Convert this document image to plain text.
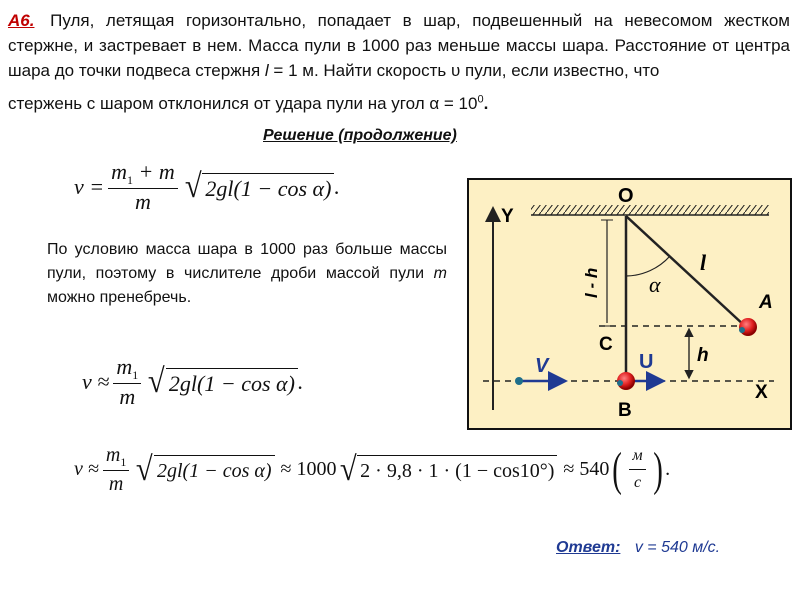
A6. Пуля, летящая горизонтально, попадает в шар, подвешенный на невесомом жестком стержне, и застревает в нем. Масса пули в 1000 раз меньше массы шара. Расстояние от центра шара до точки подвеса стержня l = 1 м. Найти скорость υ пули, если известно, что
стержень с шаром отклонился от удара пули на угол $\alpha = 10^0$.
Решение (продолжение)
$v = \frac{m_1 + m}{m}$ √ 2gl(1 − cos α) .
По условию масса шара в 1000 раз больше массы пули, поэтому в числителе дроби массой пули m можно пренебречь.
$v \approx \frac{m_1}{m}$ √ 2gl(1 − cos α) .
$v \approx \frac{m_1}{m}$ √ 2gl(1 − cos α) ≈ 1000 √ 2 · 9,8 · 1 · (1 − cos10°) ≈ 540 ( $\frac{м}{с}$ ) .
O
Y
X
A
B
C
l
α
l - h
h
V	U
Ответ: v = 540 м/с.
